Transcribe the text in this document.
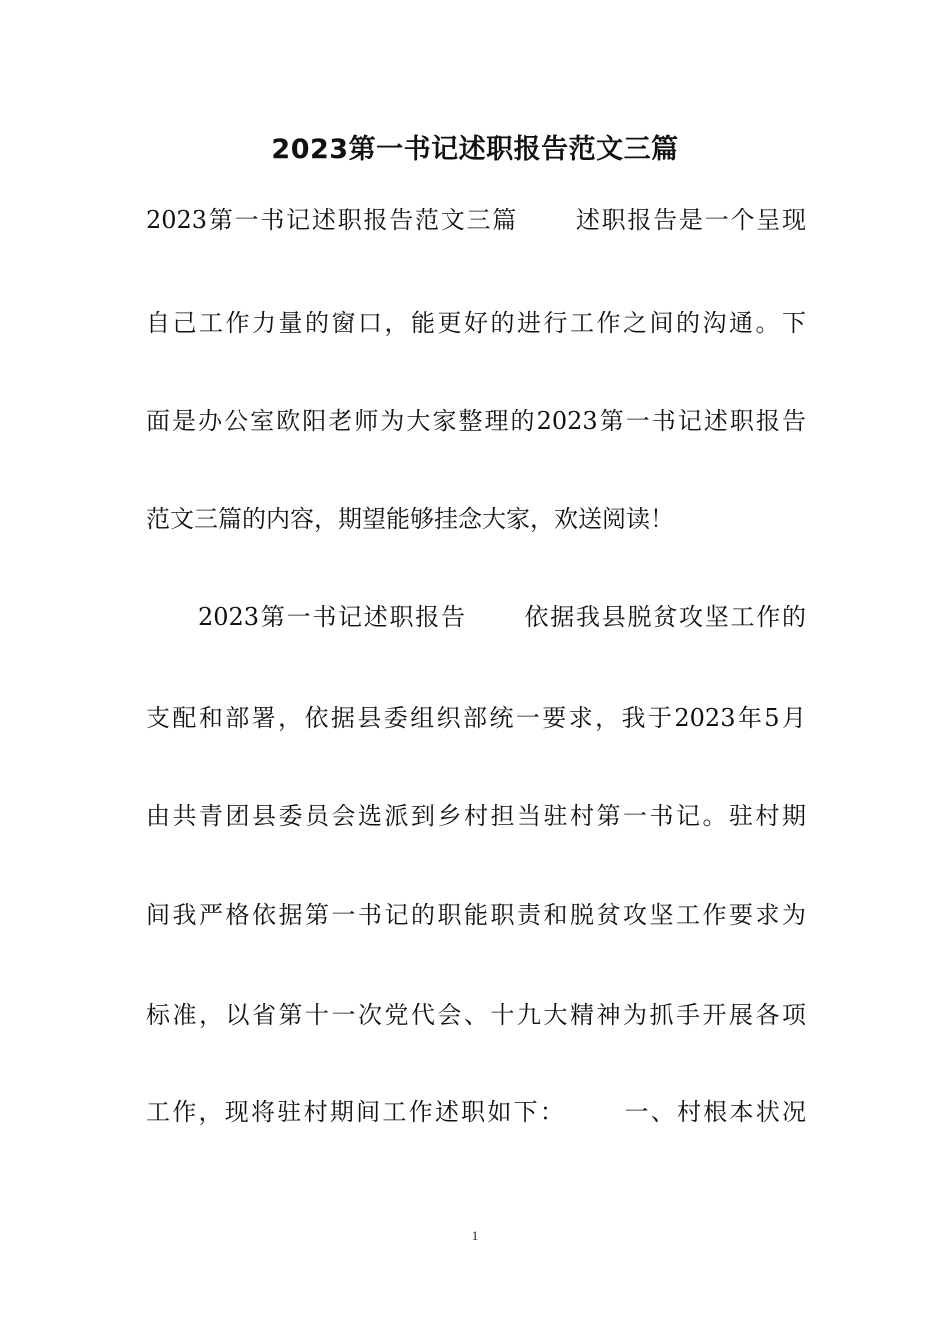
2023第一书记述职报告范文三篇
2023第一书记述职报告范文三篇 述职报告是一个呈现
自己工作力量的窗口，能更好的进行工作之间的沟通。下
面是办公室欧阳老师为大家整理的2023第一书记述职报告
范文三篇的内容，期望能够挂念大家，欢送阅读！
2023第一书记述职报告 依据我县脱贫攻坚工作的
支配和部署，依据县委组织部统一要求，我于2023年5月
由共青团县委员会选派到乡村担当驻村第一书记。驻村期
间我严格依据第一书记的职能职责和脱贫攻坚工作要求为
标准，以省第十一次党代会、十九大精神为抓手开展各项
工作，现将驻村期间工作述职如下： 一、村根本状况
1
